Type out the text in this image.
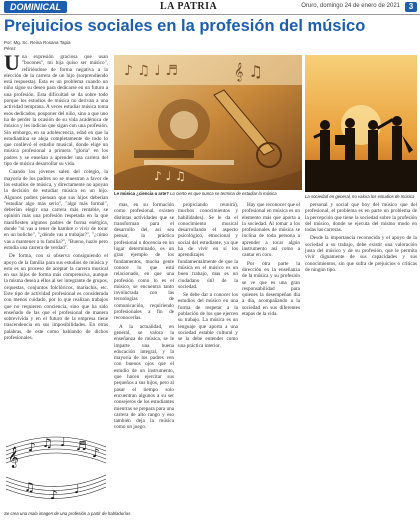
DOMINICAL	LA PATRIA	Oruro, domingo 24 de enero de 2021	3
Prejuicios sociales en la profesión del músico
Por: Mg. Sc. Reina Rosana Tapia
Pérez
U na expresión graciosa que usan "bocones", mi hija quiso ser músico", refiriéndose de forma negativa a la elección de la carrera de un hijo (sorprendiendo está respuesta). Esta es un problema cuando un niño sigue su deseo para dedicarse en un futuro a una profesión. Esta dificultad se da sobre todo porque los estudios de música no derivan a una actividad temprana. A veces estudiar música toma esos dedicados, posponer del niño, sino a que uno ha de perder la ocasión de su vida académica de música y les indican que sigan con una profesión. Sin embargo, en su adolescencia, edad en que la estudiantina se aleja completamente de todo lo que conllevó el estudio musical, donde elige un música profesional a primera "gloria" en los padres y se enseñan a aprender una carrera del tipo de música desarrollar su vida.

Cuando los jóvenes salen del colegio, la mayoría de los padres no se muestran a favor de los estudios de música, y directamente no apoyan la decisión de estudiar música en un hijo. Algunos padres piensan que sus hijos deberían "estudiar algo más serio", "algo más formal", deberían elegir una carrera más rentable, se opinión más una profesión respetada en la que manifiesten algunos padres de forma enérgica, donde "ni vas a tener de hambre o vivir de tocar en un boliche", "¿dónde vas a trabajar?", "¿cómo vas a mantener a tu familia?", "Bueno, hazlo pero estudia una carrera de verdad".

De forma, con si observa consiguiendo el apoyo de la familia para sus estudios de música y esto es un proceso de aceptar la carrera musical en sus hijos de forma más comprensiva, aunque la misma desea a ellos al ser integrante de grupos, orquestas, conjuntos folclóricos, mariachis, etc. Este tipo de actividad profesional es considerada con menos cuidado, por lo que realizan trabajos que no requieren conciencia, sino que ha sido enseñado de las que el profesional de manera sobrevivida y en el futuro de la empresa tiene trascendencia en sus imposibilidades. En otras palabras, de este como hablando de dichos profesionales.

♪ ♫ ♩ ♬	𝄞 ♫
♪ ♩ ♫
Le música ¿ciencia o arte? Lo cierto es que nunca se termina de estudiar la música
La sociedad en general, no valora los estudios de música

mas, en su formación como profesional, existen distintas actividades que se transforman para el desarrollo del, así sea pensar, la práctica profesional o docencia en un lugar determinado, es un gran ejemplo de los fundamentos, mucha gente conoce lo que está relacionado, en que una profesión como lo es el músico, se encuentra tanto involucrada con las tecnologías de comunicación, requiriendo profesionales a fin de reconocerlas.

A la actualidad, en general, se valora la enseñanza de música, se le imparte una buena educación integral, y la mayoría de los padres ven con buenos ojos que el estudio de un instrumento, que hacen ejercitar sus pequeños a sus hijos, pero al pasar el tiempo solo encuentran algunos a su ser consejeros de los estudiantes mientras se prepara para una carrera de alto rango y eso también deja la música como un juego.

propiciando reunirá), muchos conocimientos y habilidades). Se le da el conocimiento musical desarrollando el aspecto psicológico, emocional y social del estudiante, ya que ha de vivir en sí los aprendizajes fundamentalmente de que la música en el músico es un buen trabajo, mas es un ciudadano útil de la sociedad.

Se debe dar a conocer los estudios del músico en una forma de respetar a la población de los que ejercen su trabajo. La música es un lenguaje que aporta a una sociedad estable cultural y se la debe entender como una práctica interior.

Hay que reconocer que el profesional en música es un elemento más que aporta a la sociedad. Al tomar a los profesionales de música se inclina de toda persona a aprender a tocar algún instrumento así como a cantar en coro.

Por otra parte la dirección en la enseñanza de la música y su profesión se ve que es una gran responsabilidad para quienes la desempeñan día a día, acompañando a la sociedad en sus diferentes etapas de la vida.

personal y social que hoy del músico que del profesional, el problema es en parte un problema de la percepción que tiene la sociedad sobre la profesión del músico, donde se ejecuta del mismo modo en todas las carreras.

Desde la importancia reconocida y el apoyo de la sociedad a su trabajo, debe existir una valoración justa del músico y de su profesión, que le permita vivir dignamente de sus capacidades y sus conocimientos, sin que sufra de prejuicios o críticas de ningún tipo.

𝄞 ♪ ♫ ♩ ♬ ♪
♫
♪ ♩
Se crea una mala imagen de una profesión a partir de habladurías
